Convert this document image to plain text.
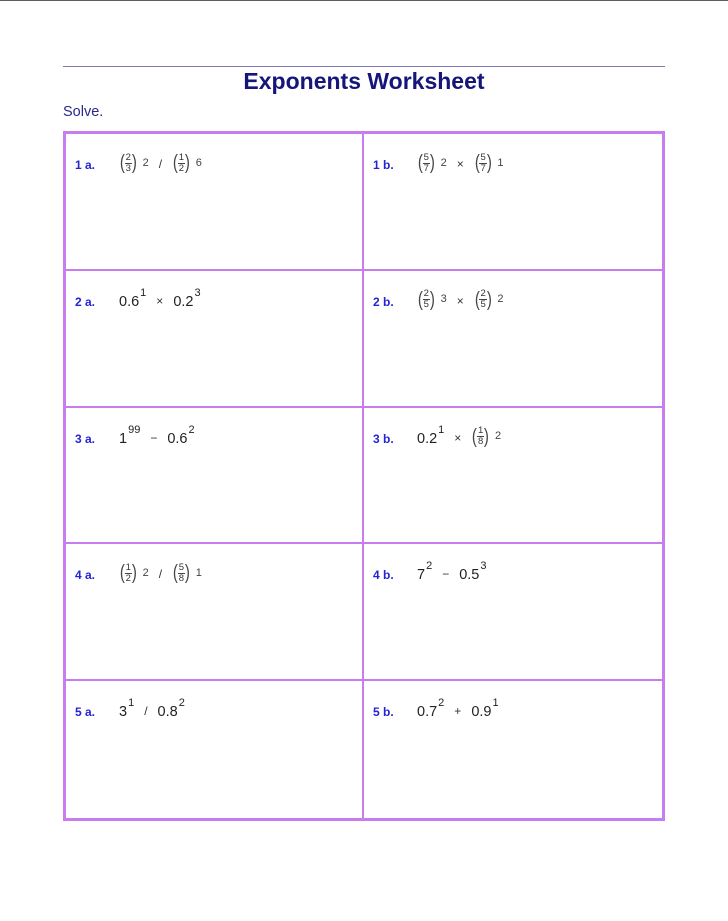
Exponents Worksheet
Solve.
1 a. ( $\frac{2}{3}$ ) 2 / ( $\frac{1}{2}$ ) 6	1 b. ( $\frac{5}{7}$ ) 2 × ( $\frac{5}{7}$ ) 1
2 a. 0.6
1
× 0.2
3
2 b. ( $\frac{2}{5}$ ) 3 × ( $\frac{2}{5}$ ) 2
3 a. 1
99
− 0.6
2
3 b. 0.2
1
× ( $\frac{1}{8}$ ) 2
4 a. ( $\frac{1}{2}$ ) 2 / ( $\frac{5}{8}$ ) 1	4 b. 7
2
− 0.5
3
5 a. 3
1
/ 0.8
2
5 b. 0.7
2
+ 0.9
1
